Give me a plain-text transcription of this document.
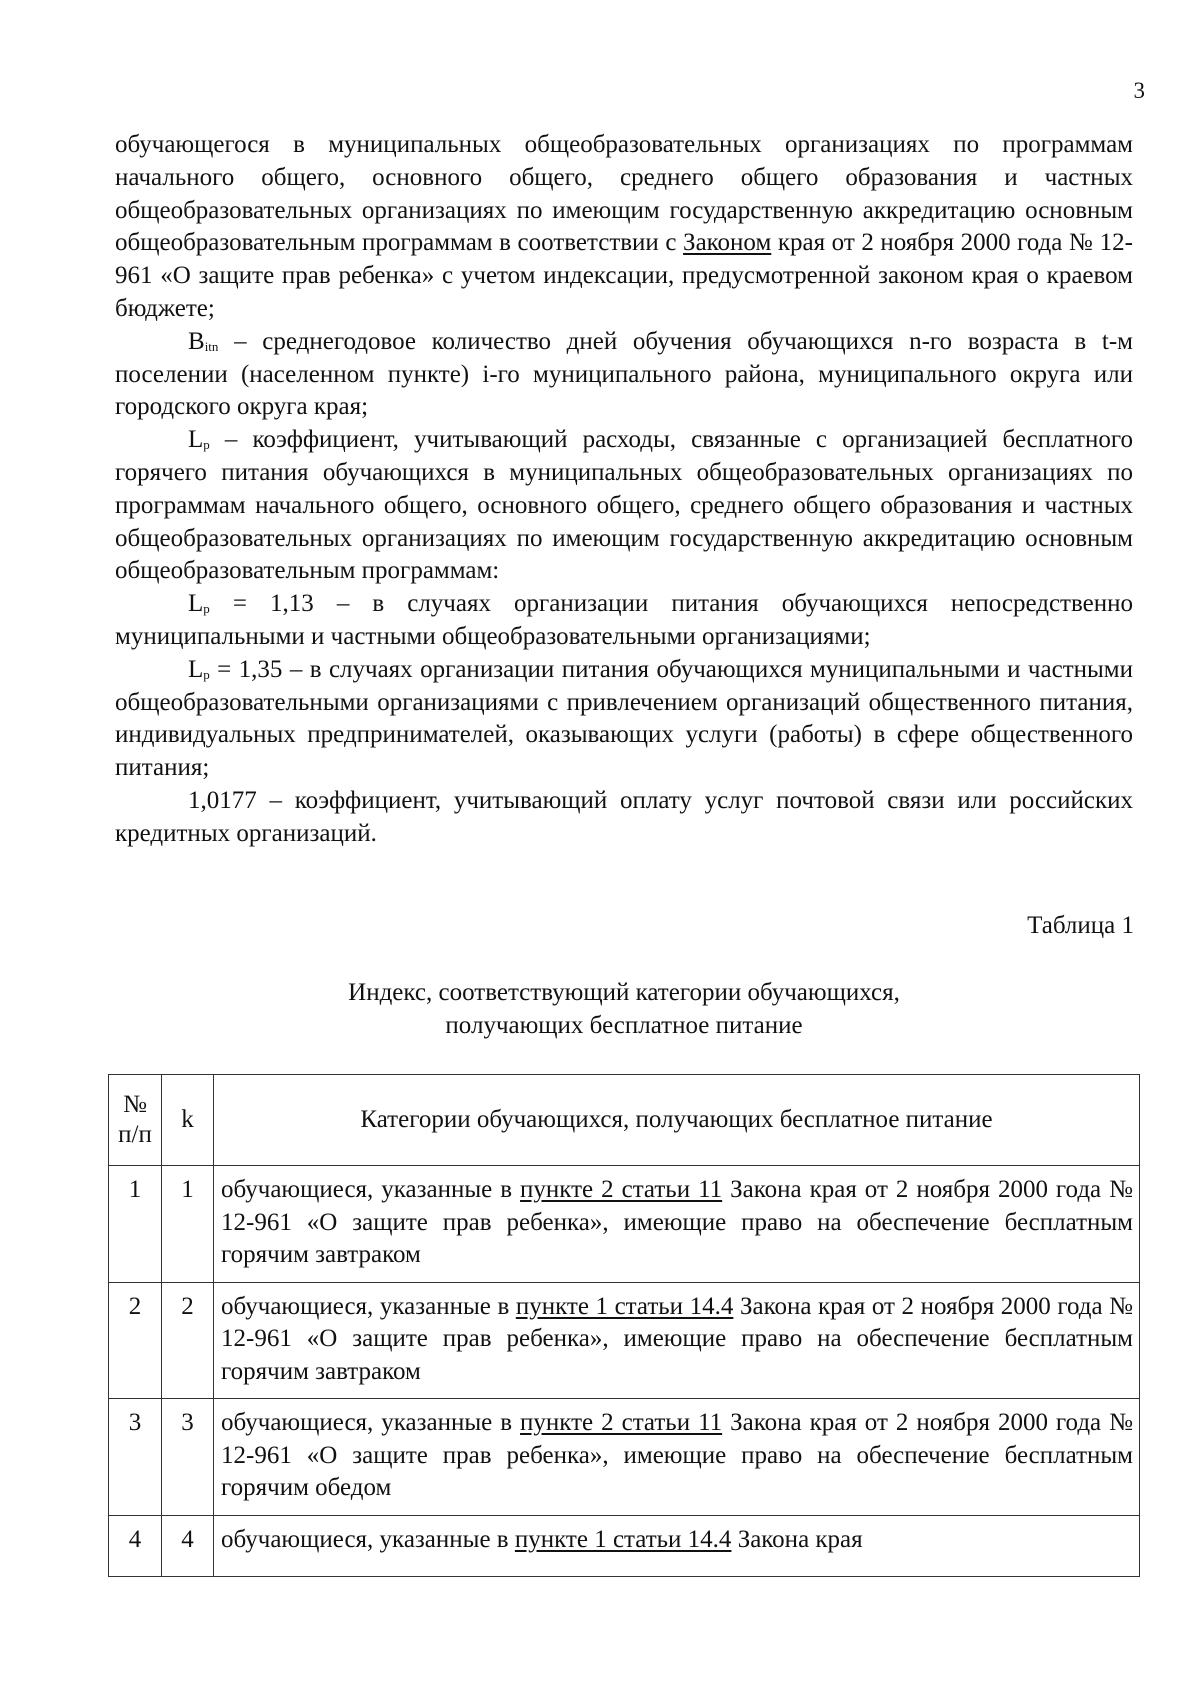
3

обучающегося в муниципальных общеобразовательных организациях по программам начального общего, основного общего, среднего общего образования и частных общеобразовательных организациях по имеющим государственную аккредитацию основным общеобразовательным программам в соответствии с Законом края от 2 ноября 2000 года № 12-961 «О защите прав ребенка» с учетом индексации, предусмотренной законом края о краевом бюджете;

$B_{itn}$ – среднегодовое количество дней обучения обучающихся n-го возраста в t-м поселении (населенном пункте) i-го муниципального района, муниципального округа или городского округа края;

$L_p$ – коэффициент, учитывающий расходы, связанные с организацией бесплатного горячего питания обучающихся в муниципальных общеобразовательных организациях по программам начального общего, основного общего, среднего общего образования и частных общеобразовательных организациях по имеющим государственную аккредитацию основным общеобразовательным программам:

$L_p = 1,13 - в$ случаях организации питания обучающихся непосредственно муниципальными и частными общеобразовательными организациями;

$L_p = 1,35 - в$ случаях организации питания обучающихся муниципальными и частными общеобразовательными организациями с привлечением организаций общественного питания, индивидуальных предпринимателей, оказывающих услуги (работы) в сфере общественного питания;

1,0177 – коэффициент, учитывающий оплату услуг почтовой связи или российских кредитных организаций.

Таблица 1
Индекс, соответствующий категории обучающихся,
получающих бесплатное питание
№
п/п	k	Категории обучающихся, получающих бесплатное питание
1	1	обучающиеся, указанные в пункте 2 статьи 11 Закона края от 2 ноября 2000 года № 12-961 «О защите прав ребенка», имеющие право на обеспечение бесплатным горячим завтраком
2	2	обучающиеся, указанные в пункте 1 статьи 14.4 Закона края от 2 ноября 2000 года № 12-961 «О защите прав ребенка», имеющие право на обеспечение бесплатным горячим завтраком
3	3	обучающиеся, указанные в пункте 2 статьи 11 Закона края от 2 ноября 2000 года № 12-961 «О защите прав ребенка», имеющие право на обеспечение бесплатным горячим обедом
4	4	обучающиеся, указанные в пункте 1 статьи 14.4 Закона края
